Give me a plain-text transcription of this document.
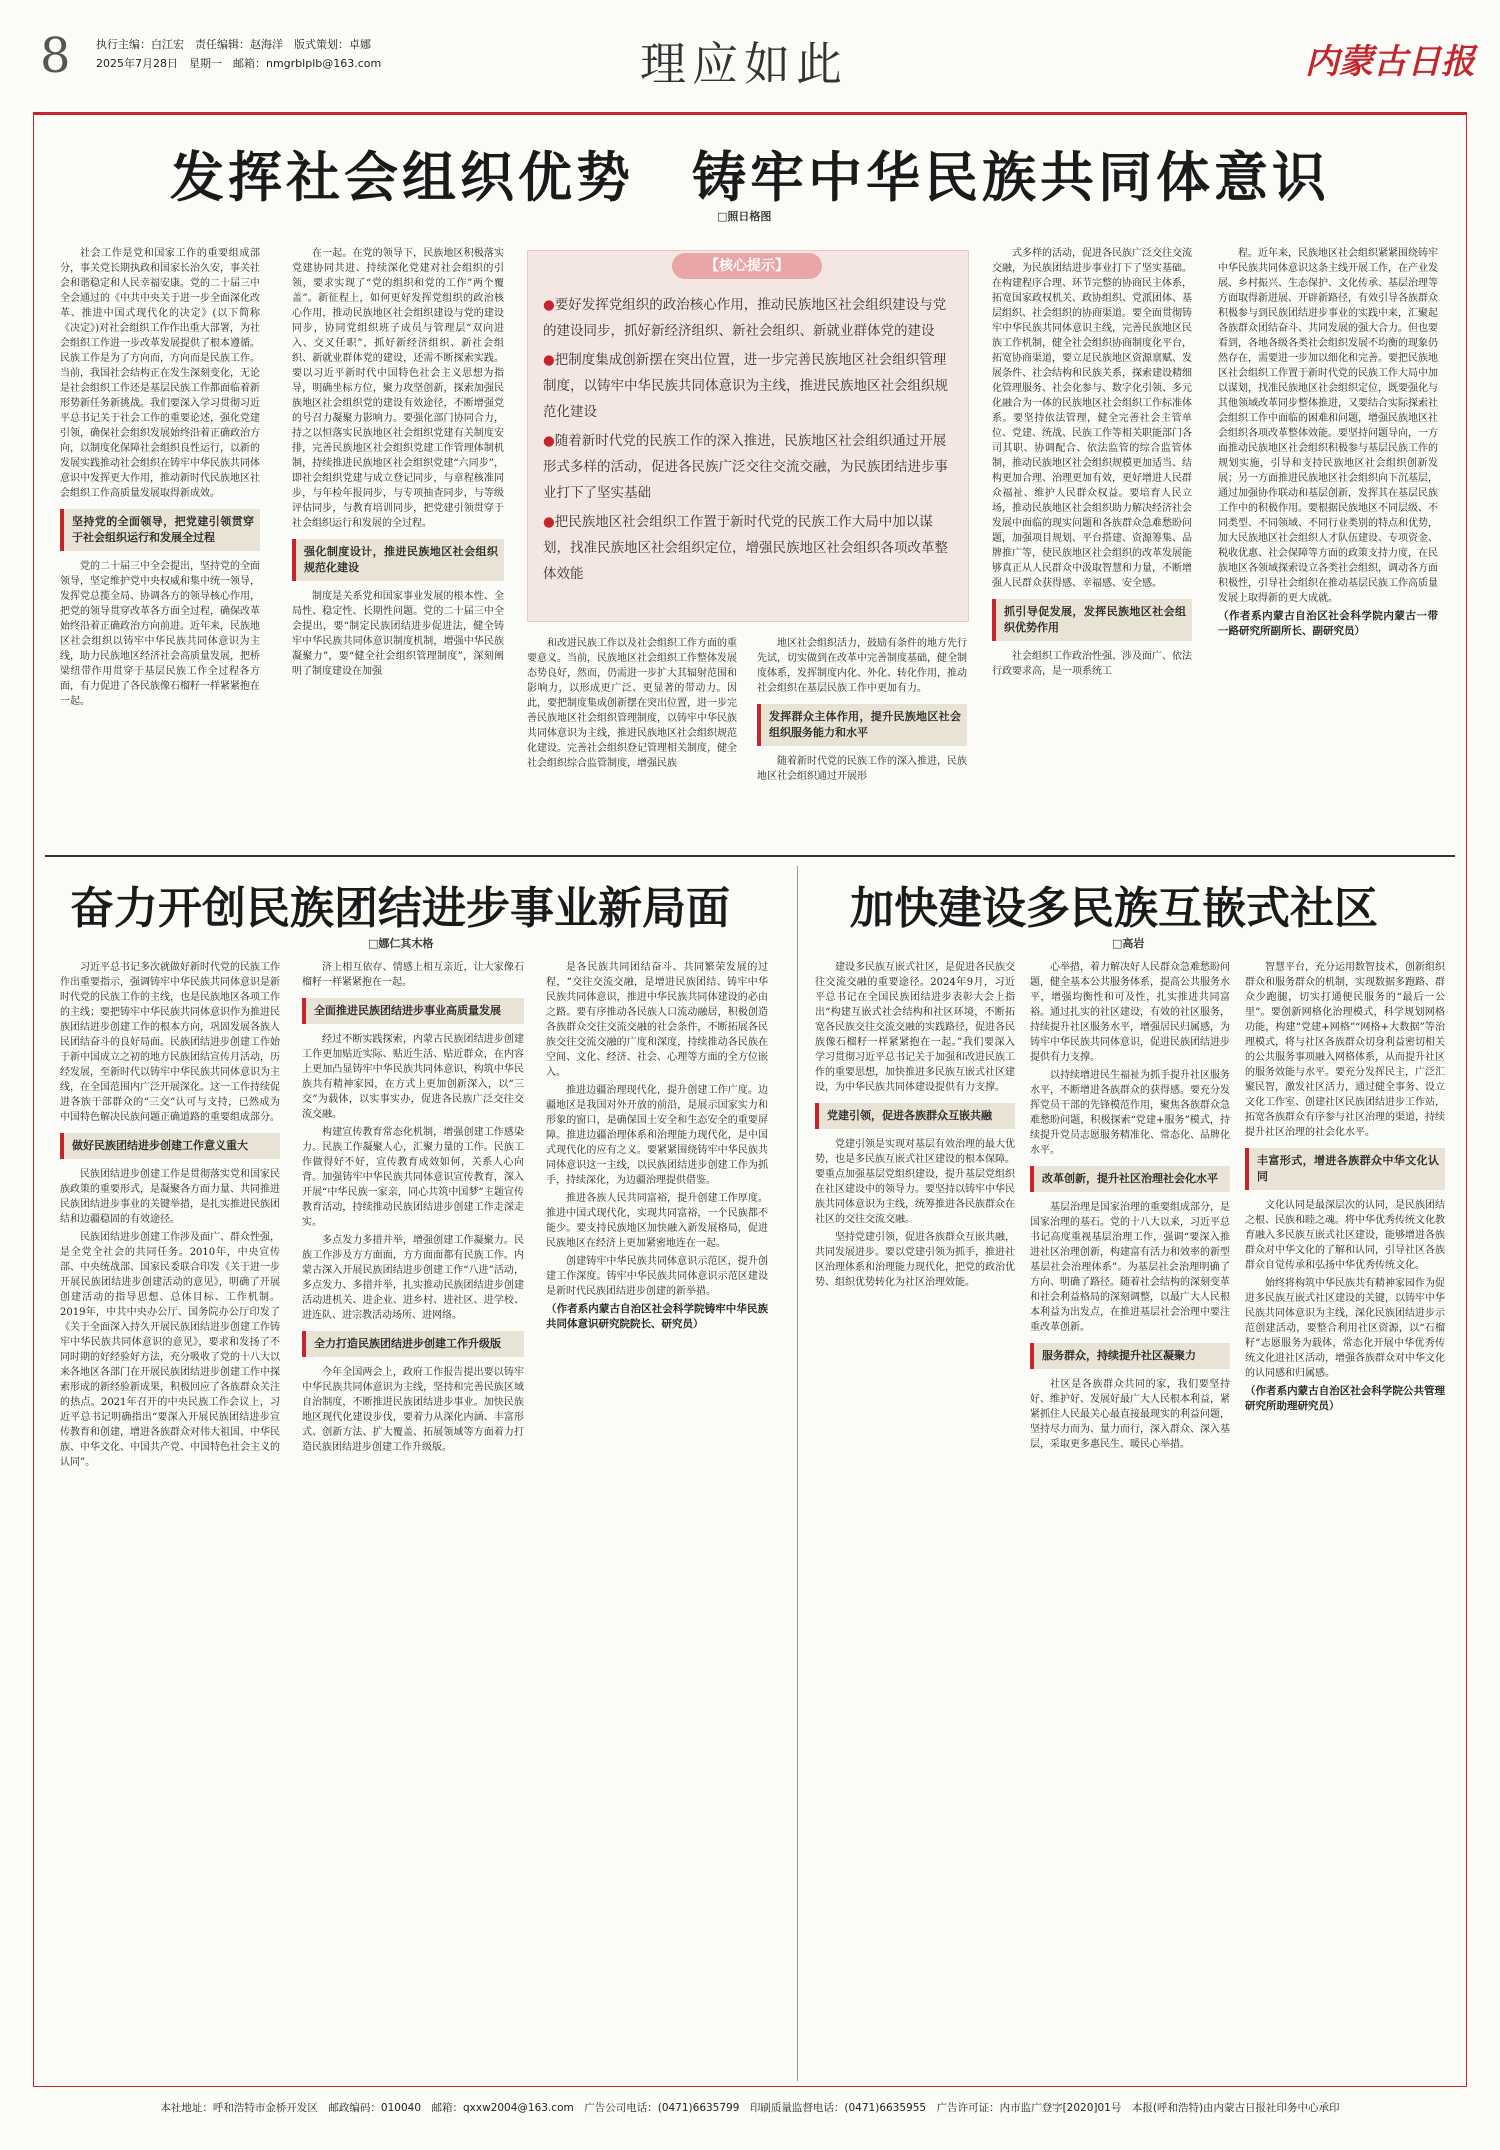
8 执行主编：白江宏　责任编辑：赵海洋　版式策划：卓娜
2025年7月28日　星期一　邮箱：nmgrblplb@163.com	理应如此	内蒙古日报
发挥社会组织优势　铸牢中华民族共同体意识
□照日格图

社会工作是党和国家工作的重要组成部分，事关党长期执政和国家长治久安，事关社会和谐稳定和人民幸福安康。党的二十届三中全会通过的《中共中央关于进一步全面深化改革、推进中国式现代化的决定》(以下简称《决定》)对社会组织工作作出重大部署，为社会组织工作进一步改革发展提供了根本遵循。民族工作是为了方向而，方向而是民族工作。当前，我国社会结构正在发生深刻变化，无论是社会组织工作还是基层民族工作都面临着新形势新任务新挑战。我们要深入学习贯彻习近平总书记关于社会工作的重要论述，强化党建引领，确保社会组织发展始终沿着正确政治方向，以制度化保障社会组织良性运行，以新的发展实践推动社会组织在铸牢中华民族共同体意识中发挥更大作用，推动新时代民族地区社会组织工作高质量发展取得新成效。

坚持党的全面领导，把党建引领贯穿于社会组织运行和发展全过程

党的二十届三中全会提出，坚持党的全面领导，坚定维护党中央权威和集中统一领导，发挥党总揽全局、协调各方的领导核心作用，把党的领导贯穿改革各方面全过程，确保改革始终沿着正确政治方向前进。近年来，民族地区社会组织以铸牢中华民族共同体意识为主线，助力民族地区经济社会高质量发展，把桥梁纽带作用贯穿于基层民族工作全过程各方面，有力促进了各民族像石榴籽一样紧紧抱在一起。

在一起。在党的领导下，民族地区积极落实党建协同共进、持续深化党建对社会组织的引领，要求实现了“党的组织和党的工作”两个覆盖”。新征程上，如何更好发挥党组织的政治核心作用，推动民族地区社会组织建设与党的建设同步，协同党组织班子成员与管理层“双向进入、交叉任职”，抓好新经济组织、新社会组织、新就业群体党的建设，还需不断探索实践。要以习近平新时代中国特色社会主义思想为指导，明确坐标方位，聚力攻坚创新，探索加强民族地区社会组织党的建设有效途径，不断增强党的号召力凝聚力影响力。要强化部门协同合力，持之以恒落实民族地区社会组织党建有关制度安排，完善民族地区社会组织党建工作管理体制机制，持续推进民族地区社会组织党建“六同步”，即社会组织党建与成立登记同步，与章程核准同步，与年检年报同步，与专项抽查同步，与等级评估同步，与教育培训同步，把党建引领贯穿于社会组织运行和发展的全过程。

强化制度设计，推进民族地区社会组织规范化建设

制度是关系党和国家事业发展的根本性、全局性、稳定性、长期性问题。党的二十届三中全会提出，要“制定民族团结进步促进法，健全铸牢中华民族共同体意识制度机制，增强中华民族凝聚力”，要“健全社会组织管理制度”，深刻阐明了制度建设在加强

【核心提示】
●要好发挥党组织的政治核心作用，推动民族地区社会组织建设与党的建设同步，抓好新经济组织、新社会组织、新就业群体党的建设
●把制度集成创新摆在突出位置，进一步完善民族地区社会组织管理制度，以铸牢中华民族共同体意识为主线，推进民族地区社会组织规范化建设
●随着新时代党的民族工作的深入推进，民族地区社会组织通过开展形式多样的活动，促进各民族广泛交往交流交融，为民族团结进步事业打下了坚实基础
●把民族地区社会组织工作置于新时代党的民族工作大局中加以谋划，找准民族地区社会组织定位，增强民族地区社会组织各项改革整体效能

和改进民族工作以及社会组织工作方面的重要意义。当前，民族地区社会组织工作整体发展态势良好，然而，仍需进一步扩大其辐射范围和影响力，以形成更广泛、更显著的带动力。因此，要把制度集成创新摆在突出位置，进一步完善民族地区社会组织管理制度，以铸牢中华民族共同体意识为主线，推进民族地区社会组织规范化建设。完善社会组织登记管理相关制度，健全社会组织综合监管制度，增强民族

地区社会组织活力，鼓励有条件的地方先行先试，切实做到在改革中完善制度基础，健全制度体系，发挥制度内化、外化、转化作用，推动社会组织在基层民族工作中更加有力。

发挥群众主体作用，提升民族地区社会组织服务能力和水平

随着新时代党的民族工作的深入推进，民族地区社会组织通过开展形

式多样的活动，促进各民族广泛交往交流交融，为民族团结进步事业打下了坚实基础。在构建程序合理、环节完整的协商民主体系，拓宽国家政权机关、政协组织、党派团体、基层组织、社会组织的协商渠道。要全面贯彻铸牢中华民族共同体意识主线，完善民族地区民族工作机制，健全社会组织协商制度化平台，拓宽协商渠道，要立足民族地区资源禀赋、发展条件、社会结构和民族关系，探索建设精细化管理服务、社会化参与、数字化引领、多元化融合为一体的民族地区社会组织工作标准体系。要坚持依法管理，健全完善社会主管单位、党建、统战、民族工作等相关职能部门各司其职、协调配合、依法监管的综合监管体制，推动民族地区社会组织规模更加适当、结构更加合理、治理更加有效，更好增进人民群众福祉、维护人民群众权益。要培育人民立场，推动民族地区社会组织助力解决经济社会发展中面临的现实问题和各族群众急难愁盼问题，加强项目规划、平台搭建、资源筹集、品牌推广等，使民族地区社会组织的改革发展能够真正从人民群众中汲取智慧和力量，不断增强人民群众获得感、幸福感、安全感。

抓引导促发展，发挥民族地区社会组织优势作用

社会组织工作政治性强、涉及面广、依法行政要求高，是一项系统工

程。近年来，民族地区社会组织紧紧围绕铸牢中华民族共同体意识这条主线开展工作，在产业发展、乡村振兴、生态保护、文化传承、基层治理等方面取得新进展、开辟新路径，有效引导各族群众积极参与到民族团结进步事业的实践中来，汇聚起各族群众团结奋斗、共同发展的强大合力。但也要看到，各地各级各类社会组织发展不均衡的现象仍然存在，需要进一步加以细化和完善。要把民族地区社会组织工作置于新时代党的民族工作大局中加以谋划，找准民族地区社会组织定位，既要强化与其他领域改革同步整体推进，又要结合实际探索社会组织工作中面临的困难和问题，增强民族地区社会组织各项改革整体效能。要坚持问题导向，一方面推动民族地区社会组织积极参与基层民族工作的规划实施，引导和支持民族地区社会组织创新发展；另一方面推进民族地区社会组织向下沉基层，通过加强协作联动和基层创新，发挥其在基层民族工作中的积极作用。要根据民族地区不同层级、不同类型、不同领域、不同行业类别的特点和优势，加大民族地区社会组织人才队伍建设、专项资金、税收优惠、社会保障等方面的政策支持力度，在民族地区各领域探索设立各类社会组织，调动各方面积极性，引导社会组织在推动基层民族工作高质量发展上取得新的更大成就。

（作者系内蒙古自治区社会科学院内蒙古一带一路研究所副所长、副研究员）

奋力开创民族团结进步事业新局面
□娜仁其木格

习近平总书记多次就做好新时代党的民族工作作出重要指示，强调铸牢中华民族共同体意识是新时代党的民族工作的主线，也是民族地区各项工作的主线；要把铸牢中华民族共同体意识作为推进民族团结进步创建工作的根本方向，巩固发展各族人民团结奋斗的良好局面。民族团结进步创建工作始于新中国成立之初的地方民族团结宣传月活动，历经发展，至新时代以铸牢中华民族共同体意识为主线，在全国范围内广泛开展深化。这一工作持续促进各族干部群众的“三交”认可与支持，已然成为中国特色解决民族问题正确道路的重要组成部分。

做好民族团结进步创建工作意义重大

民族团结进步创建工作是贯彻落实党和国家民族政策的重要形式，是凝聚各方面力量、共同推进民族团结进步事业的关键举措，是扎实推进民族团结和边疆稳固的有效途径。

民族团结进步创建工作涉及面广、群众性强，是全党全社会的共同任务。2010年，中央宣传部、中央统战部、国家民委联合印发《关于进一步开展民族团结进步创建活动的意见》，明确了开展创建活动的指导思想、总体目标、工作机制。2019年，中共中央办公厅、国务院办公厅印发了《关于全面深入持久开展民族团结进步创建工作铸牢中华民族共同体意识的意见》，要求和发扬了不同时期的好经验好方法，充分吸收了党的十八大以来各地区各部门在开展民族团结进步创建工作中探索形成的新经验新成果，积极回应了各族群众关注的热点。2021年召开的中央民族工作会议上，习近平总书记明确指出“要深入开展民族团结进步宣传教育和创建，增进各族群众对伟大祖国、中华民族、中华文化、中国共产党、中国特色社会主义的认同”。

济上相互依存、情感上相互亲近，让大家像石榴籽一样紧紧抱在一起。

全面推进民族团结进步事业高质量发展

经过不断实践探索，内蒙古民族团结进步创建工作更加贴近实际、贴近生活、贴近群众，在内容上更加凸显铸牢中华民族共同体意识，构筑中华民族共有精神家园，在方式上更加创新深入，以“三交”为载体，以实事实办，促进各民族广泛交往交流交融。

构建宣传教育常态化机制，增强创建工作感染力。民族工作凝聚人心，汇聚力量的工作。民族工作做得好不好，宣传教育成效如何，关系人心向背。加强铸牢中华民族共同体意识宣传教育，深入开展“中华民族一家亲，同心共筑中国梦”主题宣传教育活动，持续推动民族团结进步创建工作走深走实。

多点发力多措并举，增强创建工作凝聚力。民族工作涉及方方面面，方方面面都有民族工作。内蒙古深入开展民族团结进步创建工作“八进”活动，多点发力、多措并举，扎实推动民族团结进步创建活动进机关、进企业、进乡村、进社区、进学校、进连队、进宗教活动场所、进网络。

全力打造民族团结进步创建工作升级版

今年全国两会上，政府工作报告提出要以铸牢中华民族共同体意识为主线，坚持和完善民族区域自治制度，不断推进民族团结进步事业。加快民族地区现代化建设步伐，要着力从深化内涵、丰富形式、创新方法、扩大覆盖、拓展领域等方面着力打造民族团结进步创建工作升级版。

是各民族共同团结奋斗、共同繁荣发展的过程，“交往交流交融，是增进民族团结、铸牢中华民族共同体意识，推进中华民族共同体建设的必由之路。要有序推动各民族人口流动融居，积极创造各族群众交往交流交融的社会条件，不断拓展各民族交往交流交融的广度和深度，持续推动各民族在空间、文化、经济、社会、心理等方面的全方位嵌入。

推进边疆治理现代化，提升创建工作广度。边疆地区是我国对外开放的前沿，是展示国家实力和形象的窗口，是确保国土安全和生态安全的重要屏障。推进边疆治理体系和治理能力现代化，是中国式现代化的应有之义。要紧紧围绕铸牢中华民族共同体意识这一主线，以民族团结进步创建工作为抓手，持续深化，为边疆治理提供借鉴。

推进各族人民共同富裕，提升创建工作厚度。推进中国式现代化，实现共同富裕，一个民族都不能少。要支持民族地区加快融入新发展格局，促进民族地区在经济上更加紧密地连在一起。

创建铸牢中华民族共同体意识示范区，提升创建工作深度。铸牢中华民族共同体意识示范区建设是新时代民族团结进步创建的新举措。

（作者系内蒙古自治区社会科学院铸牢中华民族共同体意识研究院院长、研究员）

加快建设多民族互嵌式社区
□高岩

建设多民族互嵌式社区，是促进各民族交往交流交融的重要途径。2024年9月，习近平总书记在全国民族团结进步表彰大会上指出“构建互嵌式社会结构和社区环境，不断拓宽各民族交往交流交融的实践路径，促进各民族像石榴籽一样紧紧抱在一起。”我们要深入学习贯彻习近平总书记关于加强和改进民族工作的重要思想，加快推进多民族互嵌式社区建设，为中华民族共同体建设提供有力支撑。

党建引领，促进各族群众互嵌共融

党建引领是实现对基层有效治理的最大优势，也是多民族互嵌式社区建设的根本保障。要重点加强基层党组织建设，提升基层党组织在社区建设中的领导力。要坚持以铸牢中华民族共同体意识为主线，统筹推进各民族群众在社区的交往交流交融。

坚持党建引领，促进各族群众互嵌共融，共同发展进步。要以党建引领为抓手，推进社区治理体系和治理能力现代化，把党的政治优势、组织优势转化为社区治理效能。

心举措，着力解决好人民群众急难愁盼问题，健全基本公共服务体系，提高公共服务水平，增强均衡性和可及性，扎实推进共同富裕。通过扎实的社区建设，有效的社区服务，持续提升社区服务水平，增强居民归属感，为铸牢中华民族共同体意识，促进民族团结进步提供有力支撑。

以持续增进民生福祉为抓手提升社区服务水平，不断增进各族群众的获得感。要充分发挥党员干部的先锋模范作用，聚焦各族群众急难愁盼问题，积极探索“党建+服务”模式，持续提升党员志愿服务精准化、常态化、品牌化水平。

改革创新，提升社区治理社会化水平

基层治理是国家治理的重要组成部分，是国家治理的基石。党的十八大以来，习近平总书记高度重视基层治理工作，强调“要深入推进社区治理创新，构建富有活力和效率的新型基层社会治理体系”。为基层社会治理明确了方向、明确了路径。随着社会结构的深刻变革和社会利益格局的深刻调整，以最广大人民根本利益为出发点，在推进基层社会治理中要注重改革创新。

服务群众，持续提升社区凝聚力

社区是各族群众共同的家，我们要坚持好、维护好、发展好最广大人民根本利益，紧紧抓住人民最关心最直接最现实的利益问题，坚持尽力而为、量力而行，深入群众、深入基层，采取更多惠民生、暖民心举措。

智慧平台，充分运用数智技术，创新组织群众和服务群众的机制，实现数据多跑路、群众少跑腿，切实打通便民服务的“最后一公里”。要创新网格化治理模式，科学规划网格功能，构建“党建+网格”“网格+大数据”等治理模式，将与社区各族群众切身利益密切相关的公共服务事项融入网格体系，从而提升社区的服务效能与水平。要充分发挥民主，广泛汇聚民智，激发社区活力，通过健全事务、设立文化工作室、创建社区民族团结进步工作站，拓宽各族群众有序参与社区治理的渠道，持续提升社区治理的社会化水平。

丰富形式，增进各族群众中华文化认同

文化认同是最深层次的认同，是民族团结之根、民族和睦之魂。将中华优秀传统文化教育融入多民族互嵌式社区建设，能够增进各族群众对中华文化的了解和认同，引导社区各族群众自觉传承和弘扬中华优秀传统文化。

始终将构筑中华民族共有精神家园作为促进多民族互嵌式社区建设的关键，以铸牢中华民族共同体意识为主线，深化民族团结进步示范创建活动，要整合利用社区资源，以“石榴籽”志愿服务为载体，常态化开展中华优秀传统文化进社区活动，增强各族群众对中华文化的认同感和归属感。

（作者系内蒙古自治区社会科学院公共管理研究所助理研究员）

本社地址：呼和浩特市金桥开发区　邮政编码：010040　邮箱：qxxw2004@163.com　广告公司电话：(0471)6635799　印刷质量监督电话：(0471)6635955　广告许可证：内市监广登字[2020]01号　本报(呼和浩特)由内蒙古日报社印务中心承印
